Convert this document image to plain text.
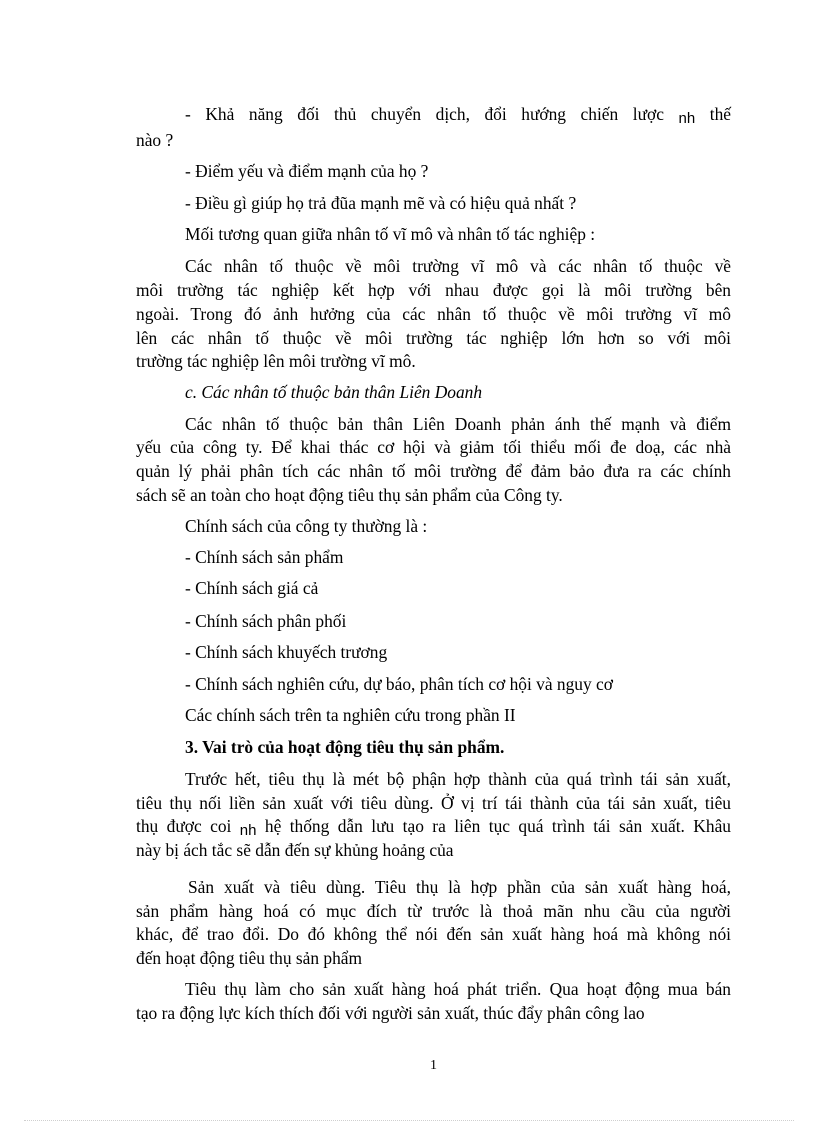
- Khả năng đối thủ chuyển dịch, đổi hướng chiến lược nh thế
nào ?
- Điểm yếu và điểm mạnh của họ ?
- Điều gì giúp họ trả đũa mạnh mẽ và có hiệu quả nhất ?
Mối tương quan giữa nhân tố vĩ mô và nhân tố tác nghiệp :
Các nhân tố thuộc về môi trường vĩ mô và các nhân tố thuộc về
môi trường tác nghiệp kết hợp với nhau được gọi là môi trường bên
ngoài. Trong đó ảnh hưởng của các nhân tố thuộc về môi trường vĩ mô
lên các nhân tố thuộc về môi trường tác nghiệp lớn hơn so với môi
trường tác nghiệp lên môi trường vĩ mô.
c. Các nhân tố thuộc bản thân Liên Doanh
Các nhân tố thuộc bản thân Liên Doanh phản ánh thế mạnh và điểm
yếu của công ty. Để khai thác cơ hội và giảm tối thiểu mối đe doạ, các nhà
quản lý phải phân tích các nhân tố môi trường để đảm bảo đưa ra các chính
sách sẽ an toàn cho hoạt động tiêu thụ sản phẩm của Công ty.
Chính sách của công ty thường là :
- Chính sách sản phẩm
- Chính sách giá cả
- Chính sách phân phối
- Chính sách khuyếch trương
- Chính sách nghiên cứu, dự báo, phân tích cơ hội và nguy cơ
Các chính sách trên ta nghiên cứu trong phần II
3. Vai trò của hoạt động tiêu thụ sản phẩm.
Trước hết, tiêu thụ là mét bộ phận hợp thành của quá trình tái sản xuất,
tiêu thụ nối liền sản xuất với tiêu dùng. Ở vị trí tái thành của tái sản xuất, tiêu
thụ được coi nh hệ thống dẫn lưu tạo ra liên tục quá trình tái sản xuất. Khâu
này bị ách tắc sẽ dẫn đến sự khủng hoảng của
Sản xuất và tiêu dùng. Tiêu thụ là hợp phần của sản xuất hàng hoá,
sản phẩm hàng hoá có mục đích từ trước là thoả mãn nhu cầu của người
khác, để trao đổi. Do đó không thể nói đến sản xuất hàng hoá mà không nói
đến hoạt động tiêu thụ sản phẩm
Tiêu thụ làm cho sản xuất hàng hoá phát triển. Qua hoạt động mua bán
tạo ra động lực kích thích đối với người sản xuất, thúc đẩy phân công lao
1
